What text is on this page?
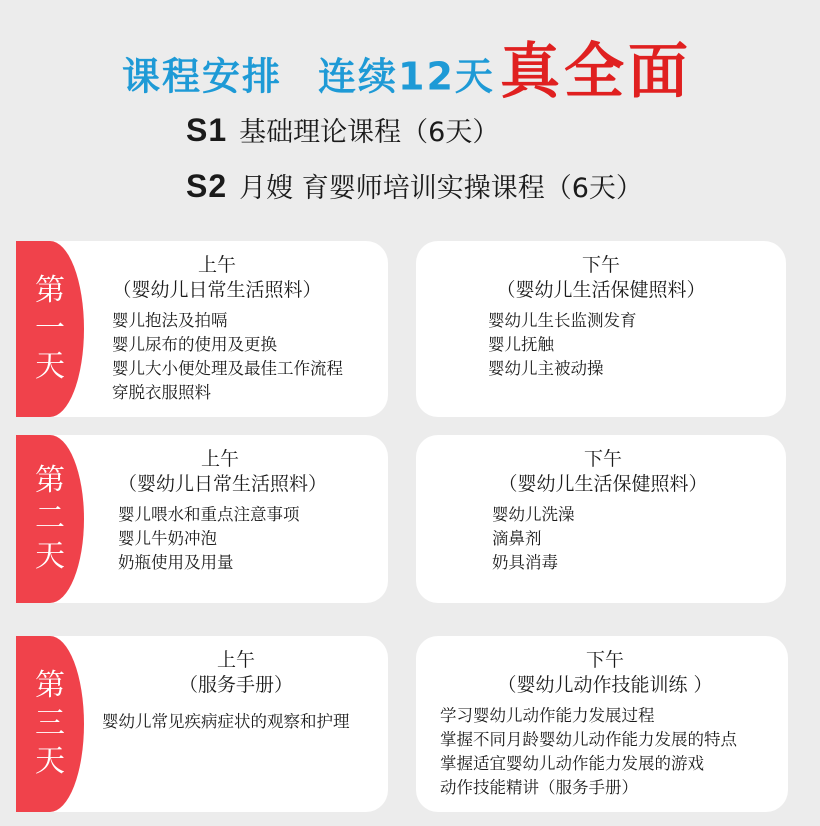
课程安排 连续12天 真全面
S1 基础理论课程（6天）
S2 月嫂 育婴师培训实操课程（6天）
上午
（婴幼儿日常生活照料）
婴儿抱法及拍嗝
婴儿尿布的使用及更换
婴儿大小便处理及最佳工作流程
穿脱衣服照料
第
一
天
下午
（婴幼儿生活保健照料）
婴幼儿生长监测发育
婴儿抚触
婴幼儿主被动操
上午
（婴幼儿日常生活照料）
婴儿喂水和重点注意事项
婴儿牛奶冲泡
奶瓶使用及用量
第
二
天
下午
（婴幼儿生活保健照料）
婴幼儿洗澡
滴鼻剂
奶具消毒
上午
（服务手册）
婴幼儿常见疾病症状的观察和护理
第
三
天
下午
（婴幼儿动作技能训练 ）
学习婴幼儿动作能力发展过程
掌握不同月龄婴幼儿动作能力发展的特点
掌握适宜婴幼儿动作能力发展的游戏
动作技能精讲（服务手册）
